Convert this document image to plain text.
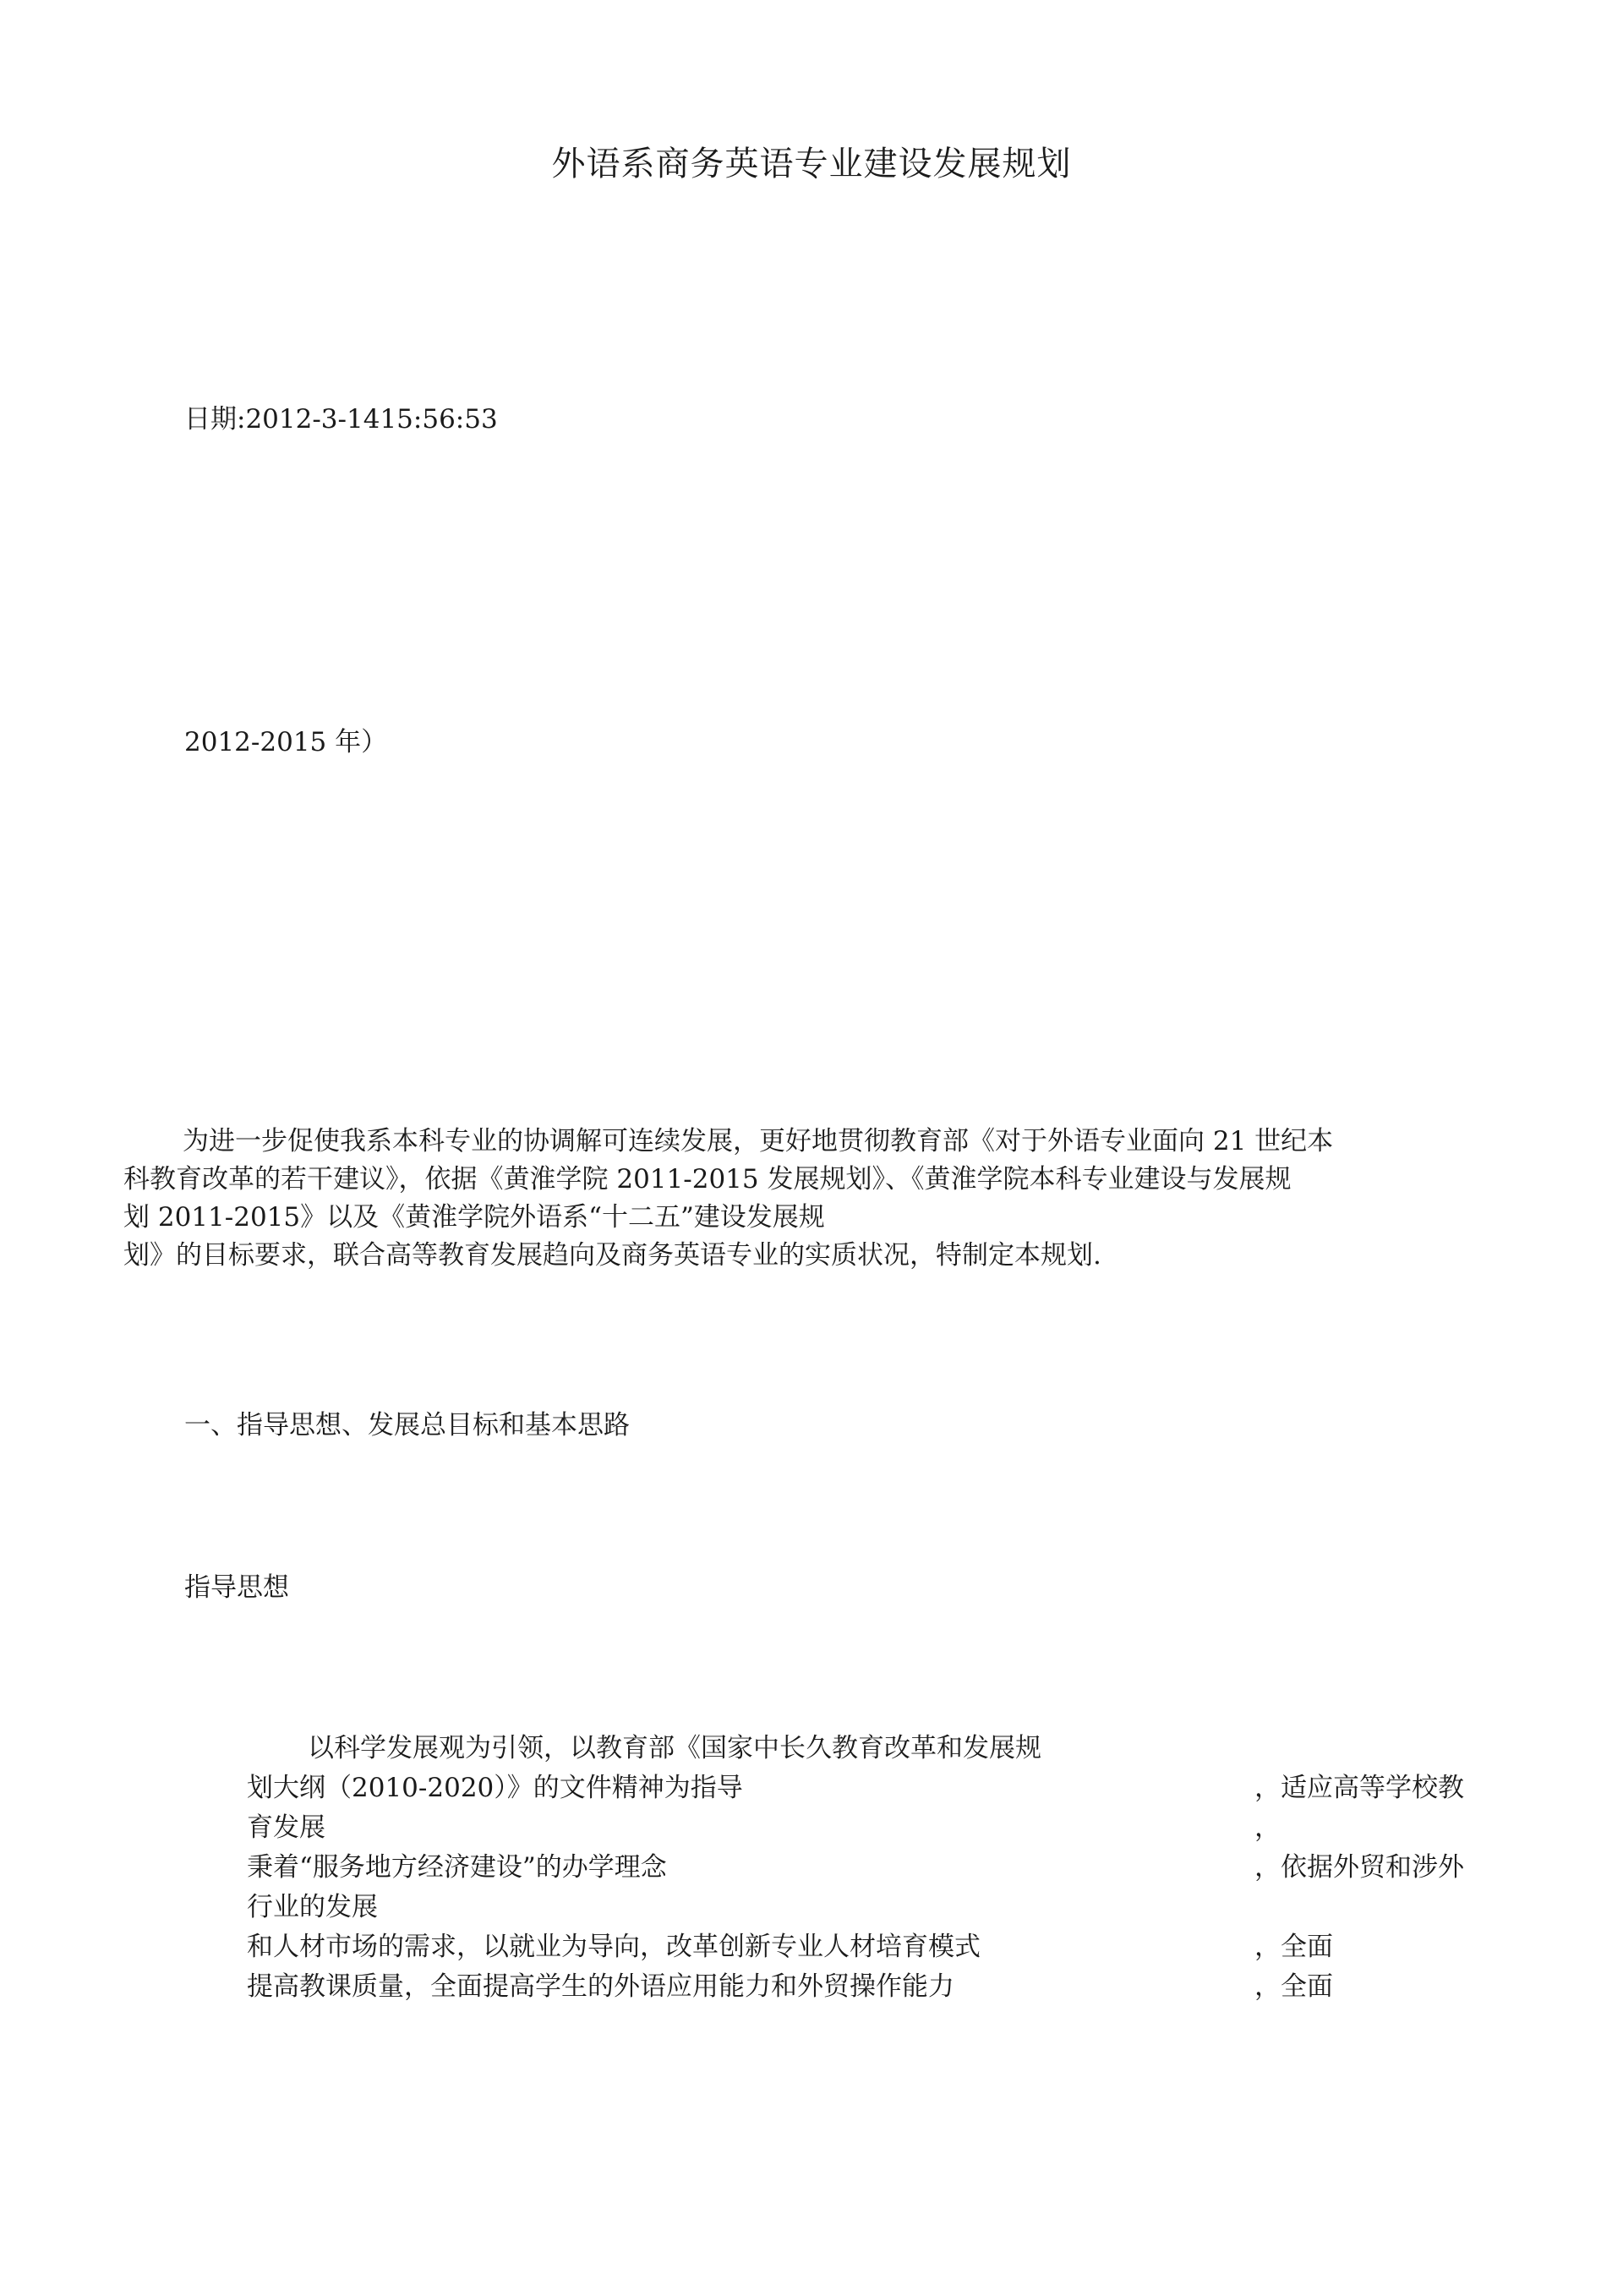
外语系商务英语专业建设发展规划
日期:2012-3-1415:56:53
2012-2015 年）
为进一步促使我系本科专业的协调解可连续发展，更好地贯彻教育部《对于外语专业面向 21 世纪本
科教育改革的若干建议》，依据《黄淮学院 2011-2015 发展规划》、《黄淮学院本科专业建设与发展规
划 2011-2015》以及《黄淮学院外语系“十二五”建设发展规
划》的目标要求，联合高等教育发展趋向及商务英语专业的实质状况，特制定本规划.
一、指导思想、发展总目标和基本思路
指导思想
以科学发展观为引领，以教育部《国家中长久教育改革和发展规
划大纲（2010-2020）》的文件精神为指导	，适应高等学校教
育发展	，
秉着“服务地方经济建设”的办学理念	，依据外贸和涉外
行业的发展
和人材市场的需求，以就业为导向，改革创新专业人材培育模式	，全面
提高教课质量，全面提高学生的外语应用能力和外贸操作能力	，全面
